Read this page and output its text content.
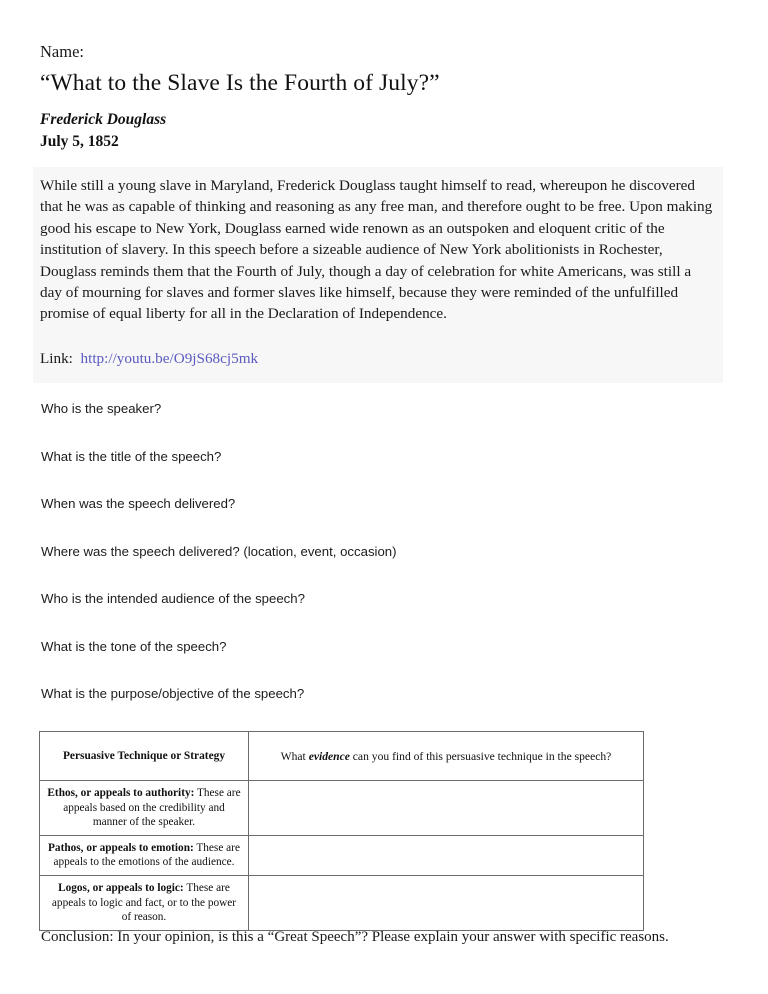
Name:
“What to the Slave Is the Fourth of July?”
Frederick Douglass
July 5, 1852
While still a young slave in Maryland, Frederick Douglass taught himself to read, whereupon he discovered that he was as capable of thinking and reasoning as any free man, and therefore ought to be free. Upon making good his escape to New York, Douglass earned wide renown as an outspoken and eloquent critic of the institution of slavery. In this speech before a sizeable audience of New York abolitionists in Rochester, Douglass reminds them that the Fourth of July, though a day of celebration for white Americans, was still a day of mourning for slaves and former slaves like himself, because they were reminded of the unfulfilled promise of equal liberty for all in the Declaration of Independence.
Link: http://youtu.be/O9jS68cj5mk
Who is the speaker?
What is the title of the speech?
When was the speech delivered?
Where was the speech delivered? (location, event, occasion)
Who is the intended audience of the speech?
What is the tone of the speech?
What is the purpose/objective of the speech?
Persuasive Technique or Strategy	What evidence can you find of this persuasive technique in the speech?
Ethos, or appeals to authority: These are appeals based on the credibility and manner of the speaker.	
Pathos, or appeals to emotion: These are appeals to the emotions of the audience.	
Logos, or appeals to logic: These are appeals to logic and fact, or to the power of reason.	
Conclusion: In your opinion, is this a “Great Speech”? Please explain your answer with specific reasons.
